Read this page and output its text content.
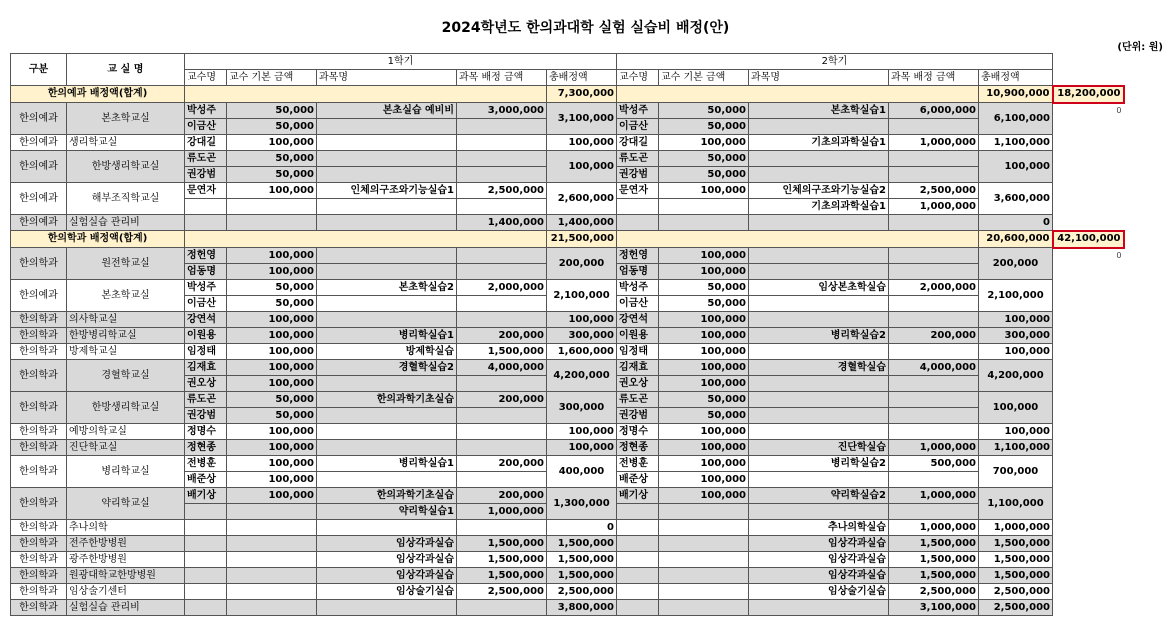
2024학년도 한의과대학 실험 실습비 배정(안)
(단위: 원)
구분	교 실 명	1학기					2학기					
		교수명	교수 기본 금액	과목명	과목 배정 금액	총배정액	교수명	교수 기본 금액	과목명	과목 배정 금액	총배정액	
한의예과 배정액(합계)						7,300,000					10,900,000	18,200,000
한의예과	본초학교실	박성주	50,000	본초실습 예비비	3,000,000	3,100,000	박성주	50,000	본초학실습1	6,000,000	6,100,000	0
		이금산	50,000				이금산	50,000				
한의예과	생리학교실	강대길	100,000			100,000	강대길	100,000	기초의과학실습1	1,000,000	1,100,000	
한의예과	한방생리학교실	류도곤	50,000			100,000	류도곤	50,000			100,000	
		권강범	50,000				권강범	50,000				
한의예과	해부조직학교실	문연자	100,000	인체의구조와기능실습1	2,500,000	2,600,000	문연자	100,000	인체의구조와기능실습2	2,500,000	3,600,000	
									기초의과학실습1	1,000,000		
한의예과	실험실습 관리비				1,400,000	1,400,000					0	
한의학과 배정액(합계)						21,500,000					20,600,000	42,100,000
한의학과	원전학교실	정헌영	100,000			200,000	정헌영	100,000			200,000	0
		엄동명	100,000				엄동명	100,000				
한의예과	본초학교실	박성주	50,000	본초학실습2	2,000,000	2,100,000	박성주	50,000	임상본초학실습	2,000,000	2,100,000	
		이금산	50,000				이금산	50,000				
한의학과	의사학교실	강연석	100,000			100,000	강연석	100,000			100,000	
한의학과	한방병리학교실	이원용	100,000	병리학실습1	200,000	300,000	이원용	100,000	병리학실습2	200,000	300,000	
한의학과	방제학교실	임정태	100,000	방제학실습	1,500,000	1,600,000	임정태	100,000			100,000	
한의학과	경혈학교실	김재효	100,000	경혈학실습2	4,000,000	4,200,000	김재효	100,000	경혈학실습	4,000,000	4,200,000	
		권오상	100,000				권오상	100,000				
한의학과	한방생리학교실	류도곤	50,000	한의과학기초실습	200,000	300,000	류도곤	50,000			100,000	
		권강범	50,000				권강범	50,000				
한의학과	예방의학교실	정명수	100,000			100,000	정명수	100,000			100,000	
한의학과	진단학교실	정현종	100,000			100,000	정현종	100,000	진단학실습	1,000,000	1,100,000	
한의학과	병리학교실	전병훈	100,000	병리학실습1	200,000	400,000	전병훈	100,000	병리학실습2	500,000	700,000	
		배준상	100,000				배준상	100,000				
한의학과	약리학교실	배기상	100,000	한의과학기초실습	200,000	1,300,000	배기상	100,000	약리학실습2	1,000,000	1,100,000	
				약리학실습1	1,000,000							
한의학과	추나의학					0			추나의학실습	1,000,000	1,000,000	
한의학과	전주한방병원			임상각과실습	1,500,000	1,500,000			임상각과실습	1,500,000	1,500,000	
한의학과	광주한방병원			임상각과실습	1,500,000	1,500,000			임상각과실습	1,500,000	1,500,000	
한의학과	원광대학교한방병원			임상각과실습	1,500,000	1,500,000			임상각과실습	1,500,000	1,500,000	
한의학과	임상술기센터			임상술기실습	2,500,000	2,500,000			임상술기실습	2,500,000	2,500,000	
한의학과	실험실습 관리비					3,800,000				3,100,000	2,500,000	
